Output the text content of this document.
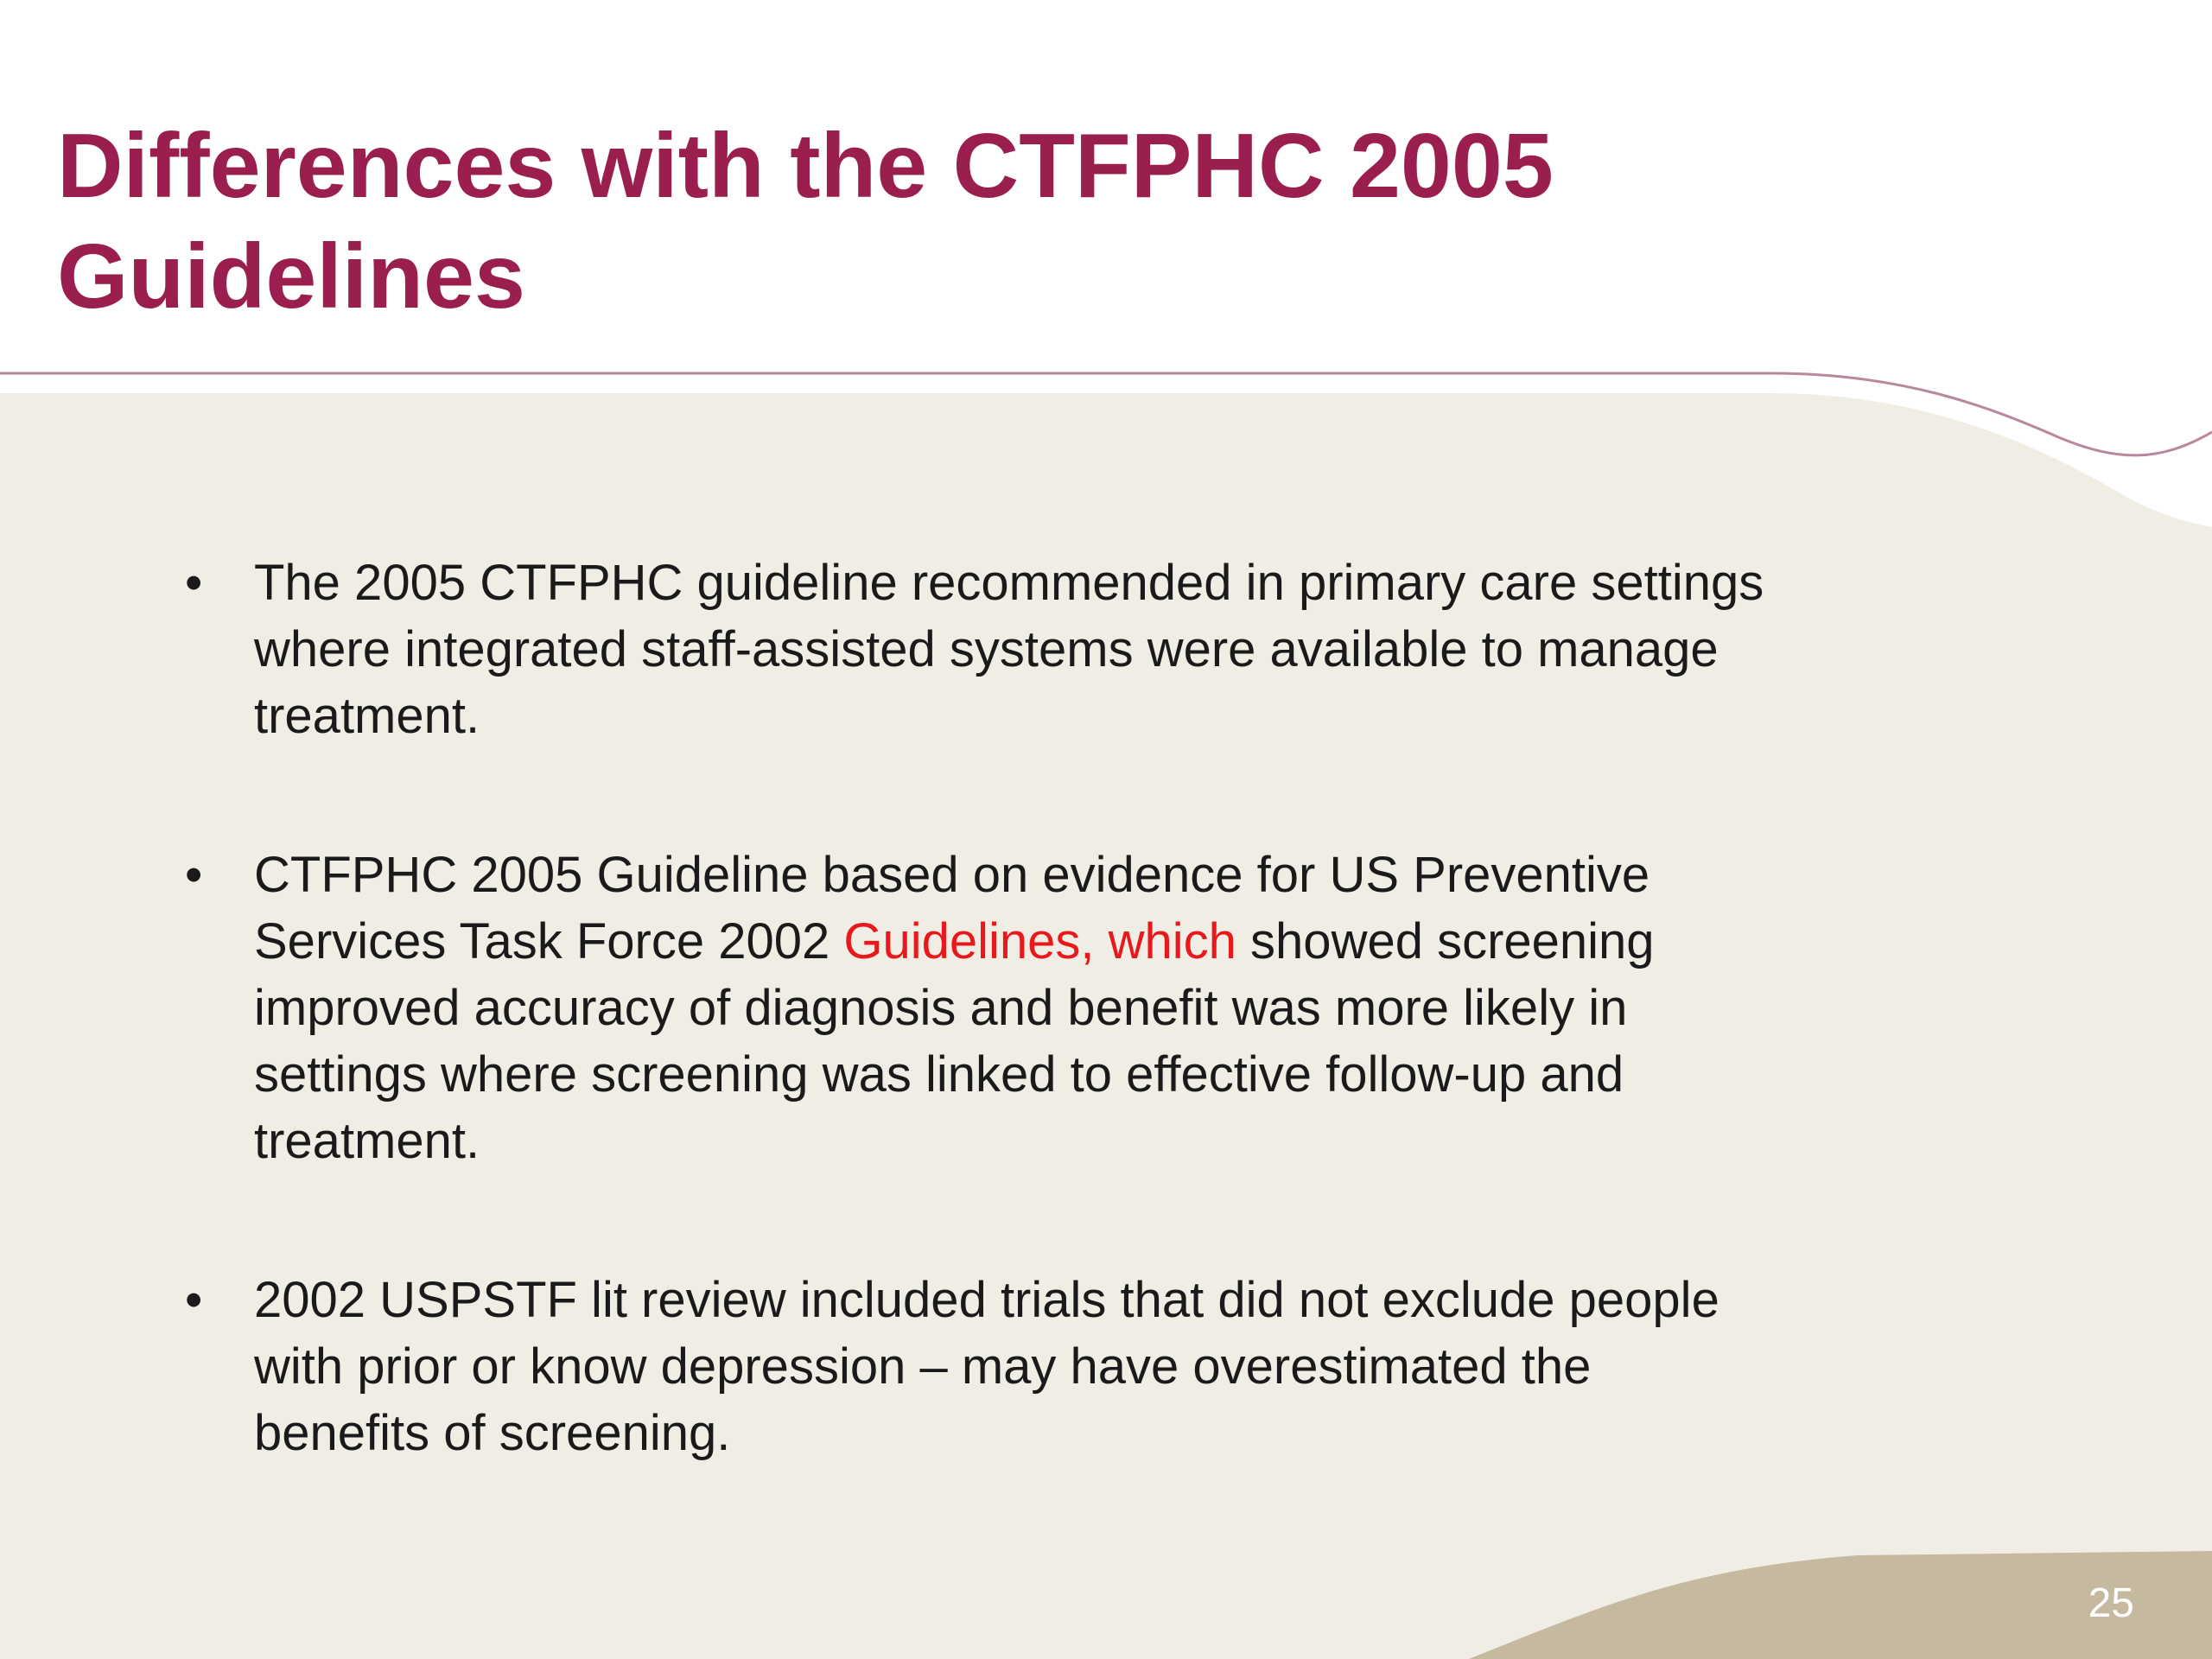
Differences with the CTFPHC 2005
Guidelines
• The 2005 CTFPHC guideline recommended in primary care settings
where integrated staff-assisted systems were available to manage
treatment.
• CTFPHC 2005 Guideline based on evidence for US Preventive
Services Task Force 2002 Guidelines, which showed screening
improved accuracy of diagnosis and benefit was more likely in
settings where screening was linked to effective follow-up and
treatment.
• 2002 USPSTF lit review included trials that did not exclude people
with prior or know depression – may have overestimated the
benefits of screening.
25
